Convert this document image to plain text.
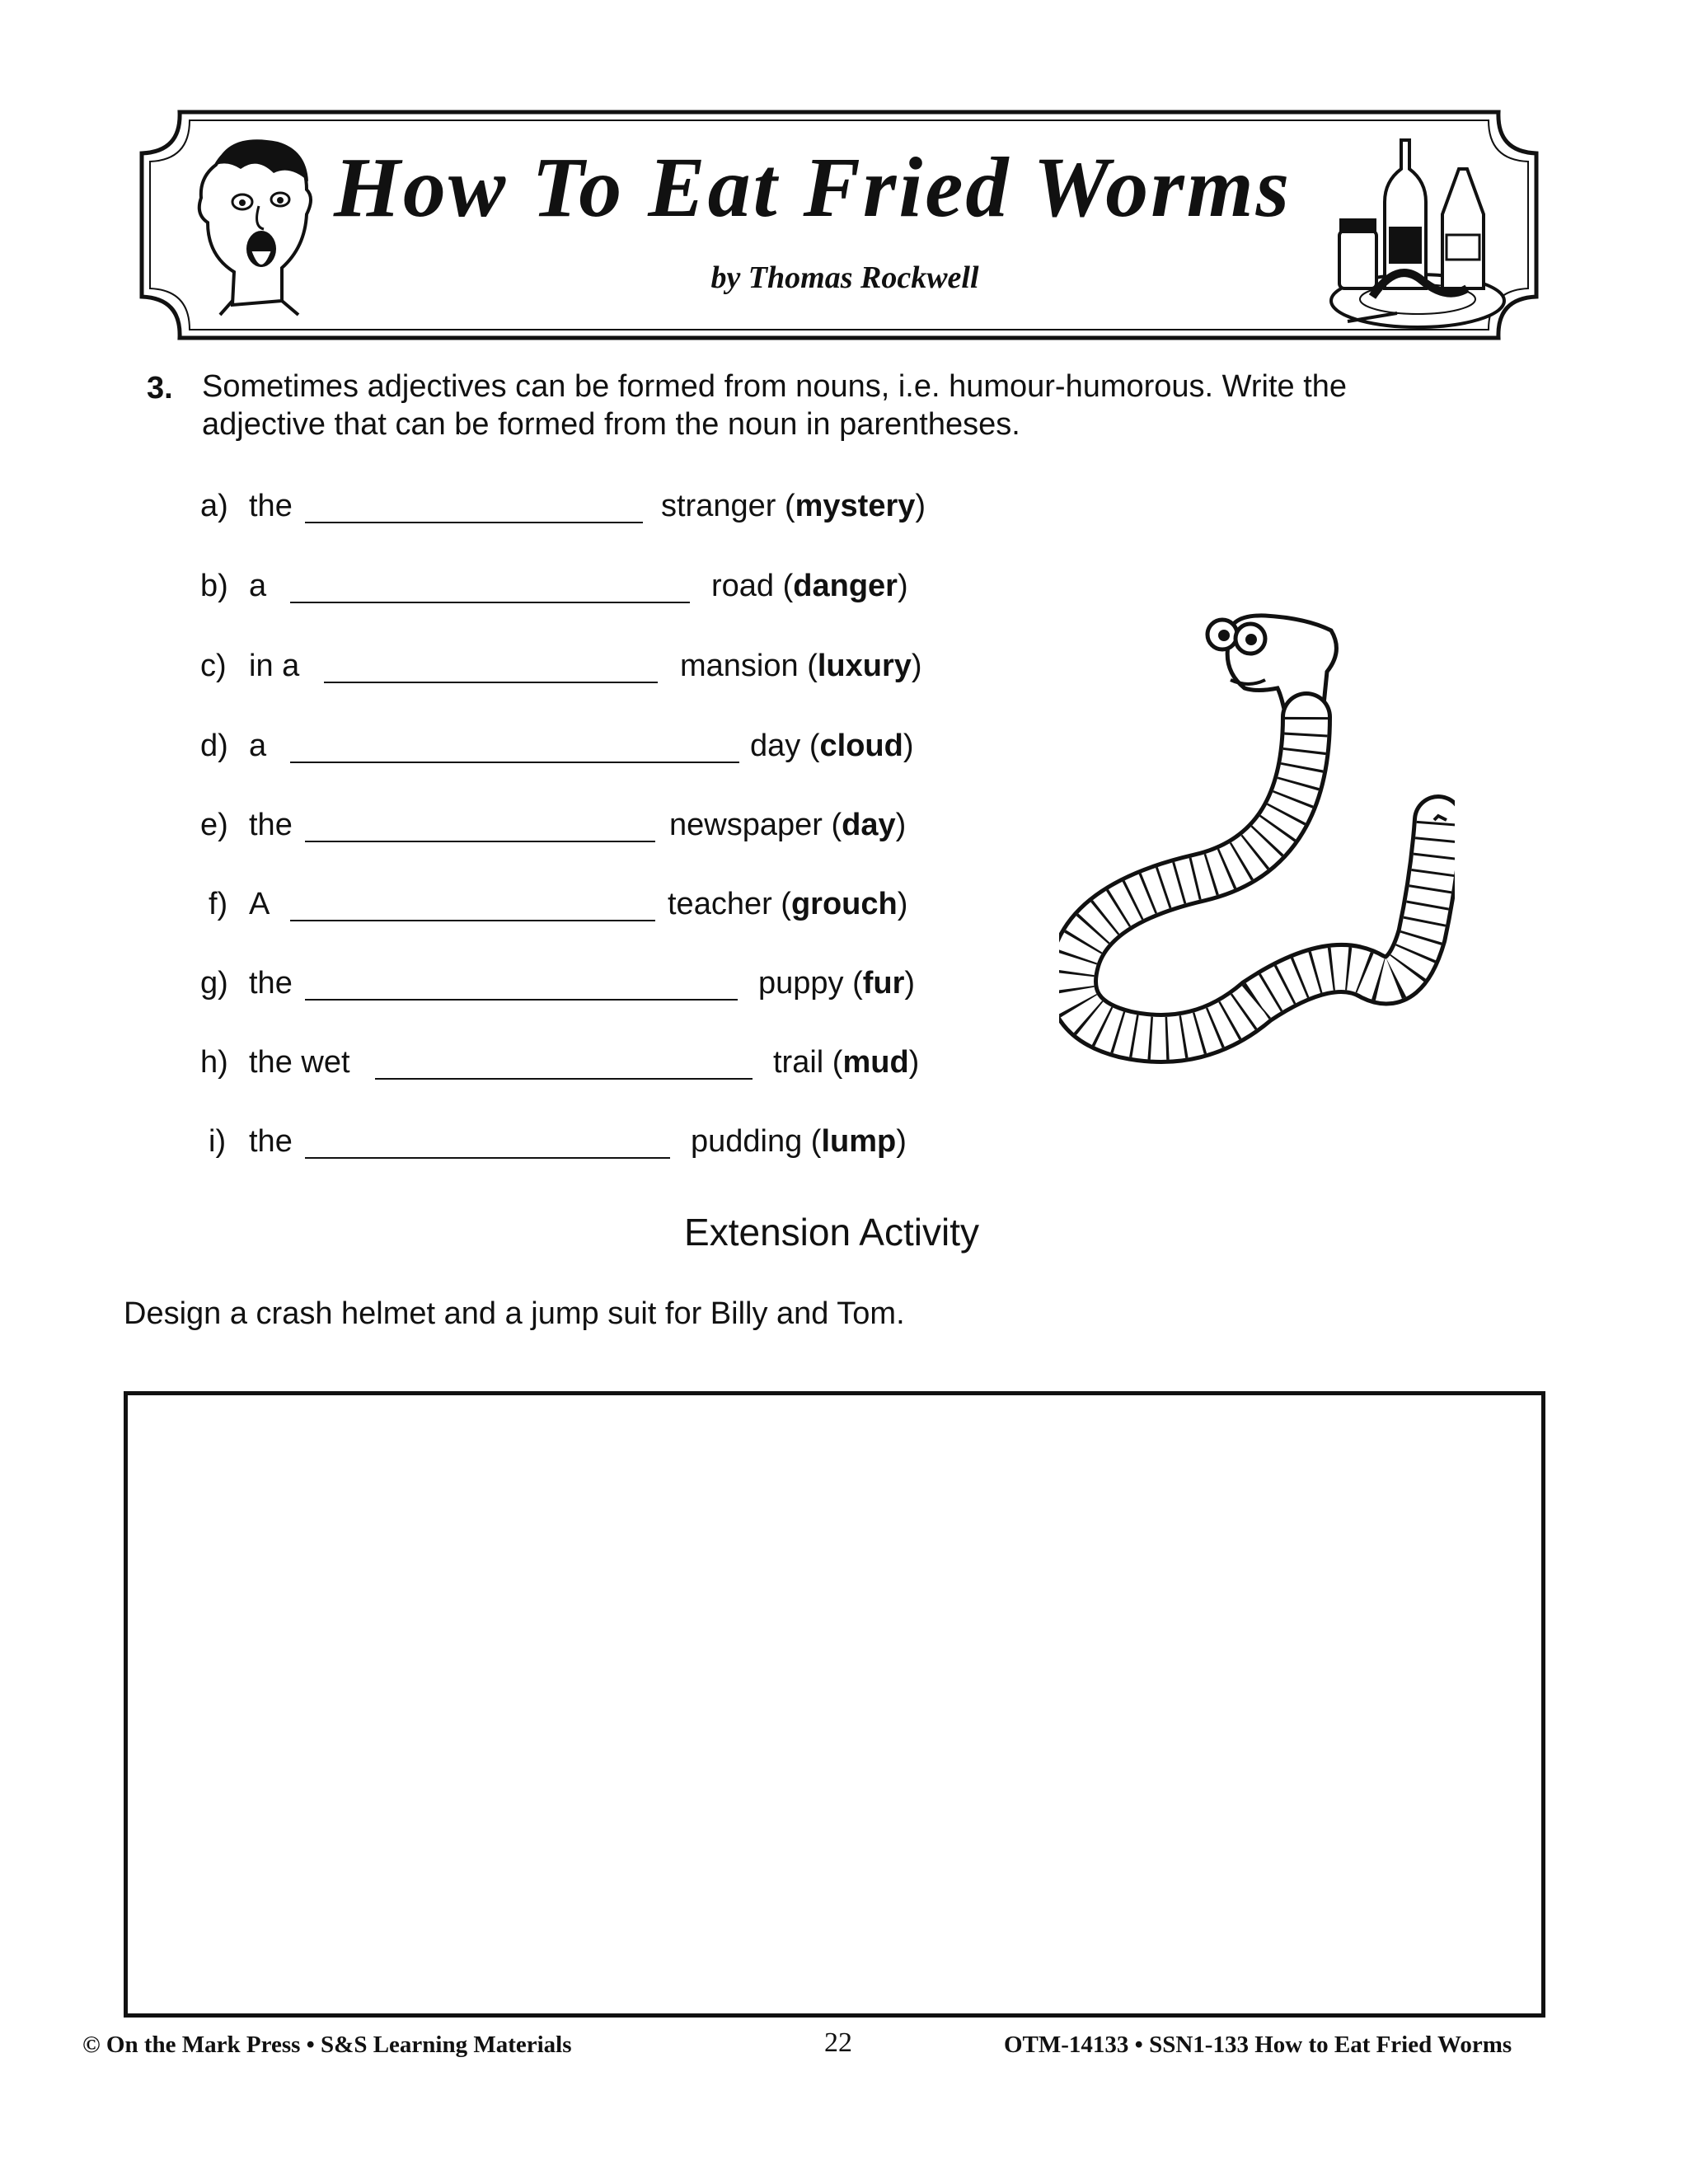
How To Eat Fried Worms
by Thomas Rockwell
3. Sometimes adjectives can be formed from nouns, i.e. humour-humorous. Write the adjective that can be formed from the noun in parentheses.
a) the	stranger (mystery)
b) a	road (danger)
c) in a	mansion (luxury)
d) a	day (cloud)
e) the	newspaper (day)
f) A	teacher (grouch)
g) the	puppy (fur)
h) the wet	trail (mud)
i) the	pudding (lump)
Extension Activity
Design a crash helmet and a jump suit for Billy and Tom.
© On the Mark Press • S&S Learning Materials	22	OTM-14133 • SSN1-133 How to Eat Fried Worms
